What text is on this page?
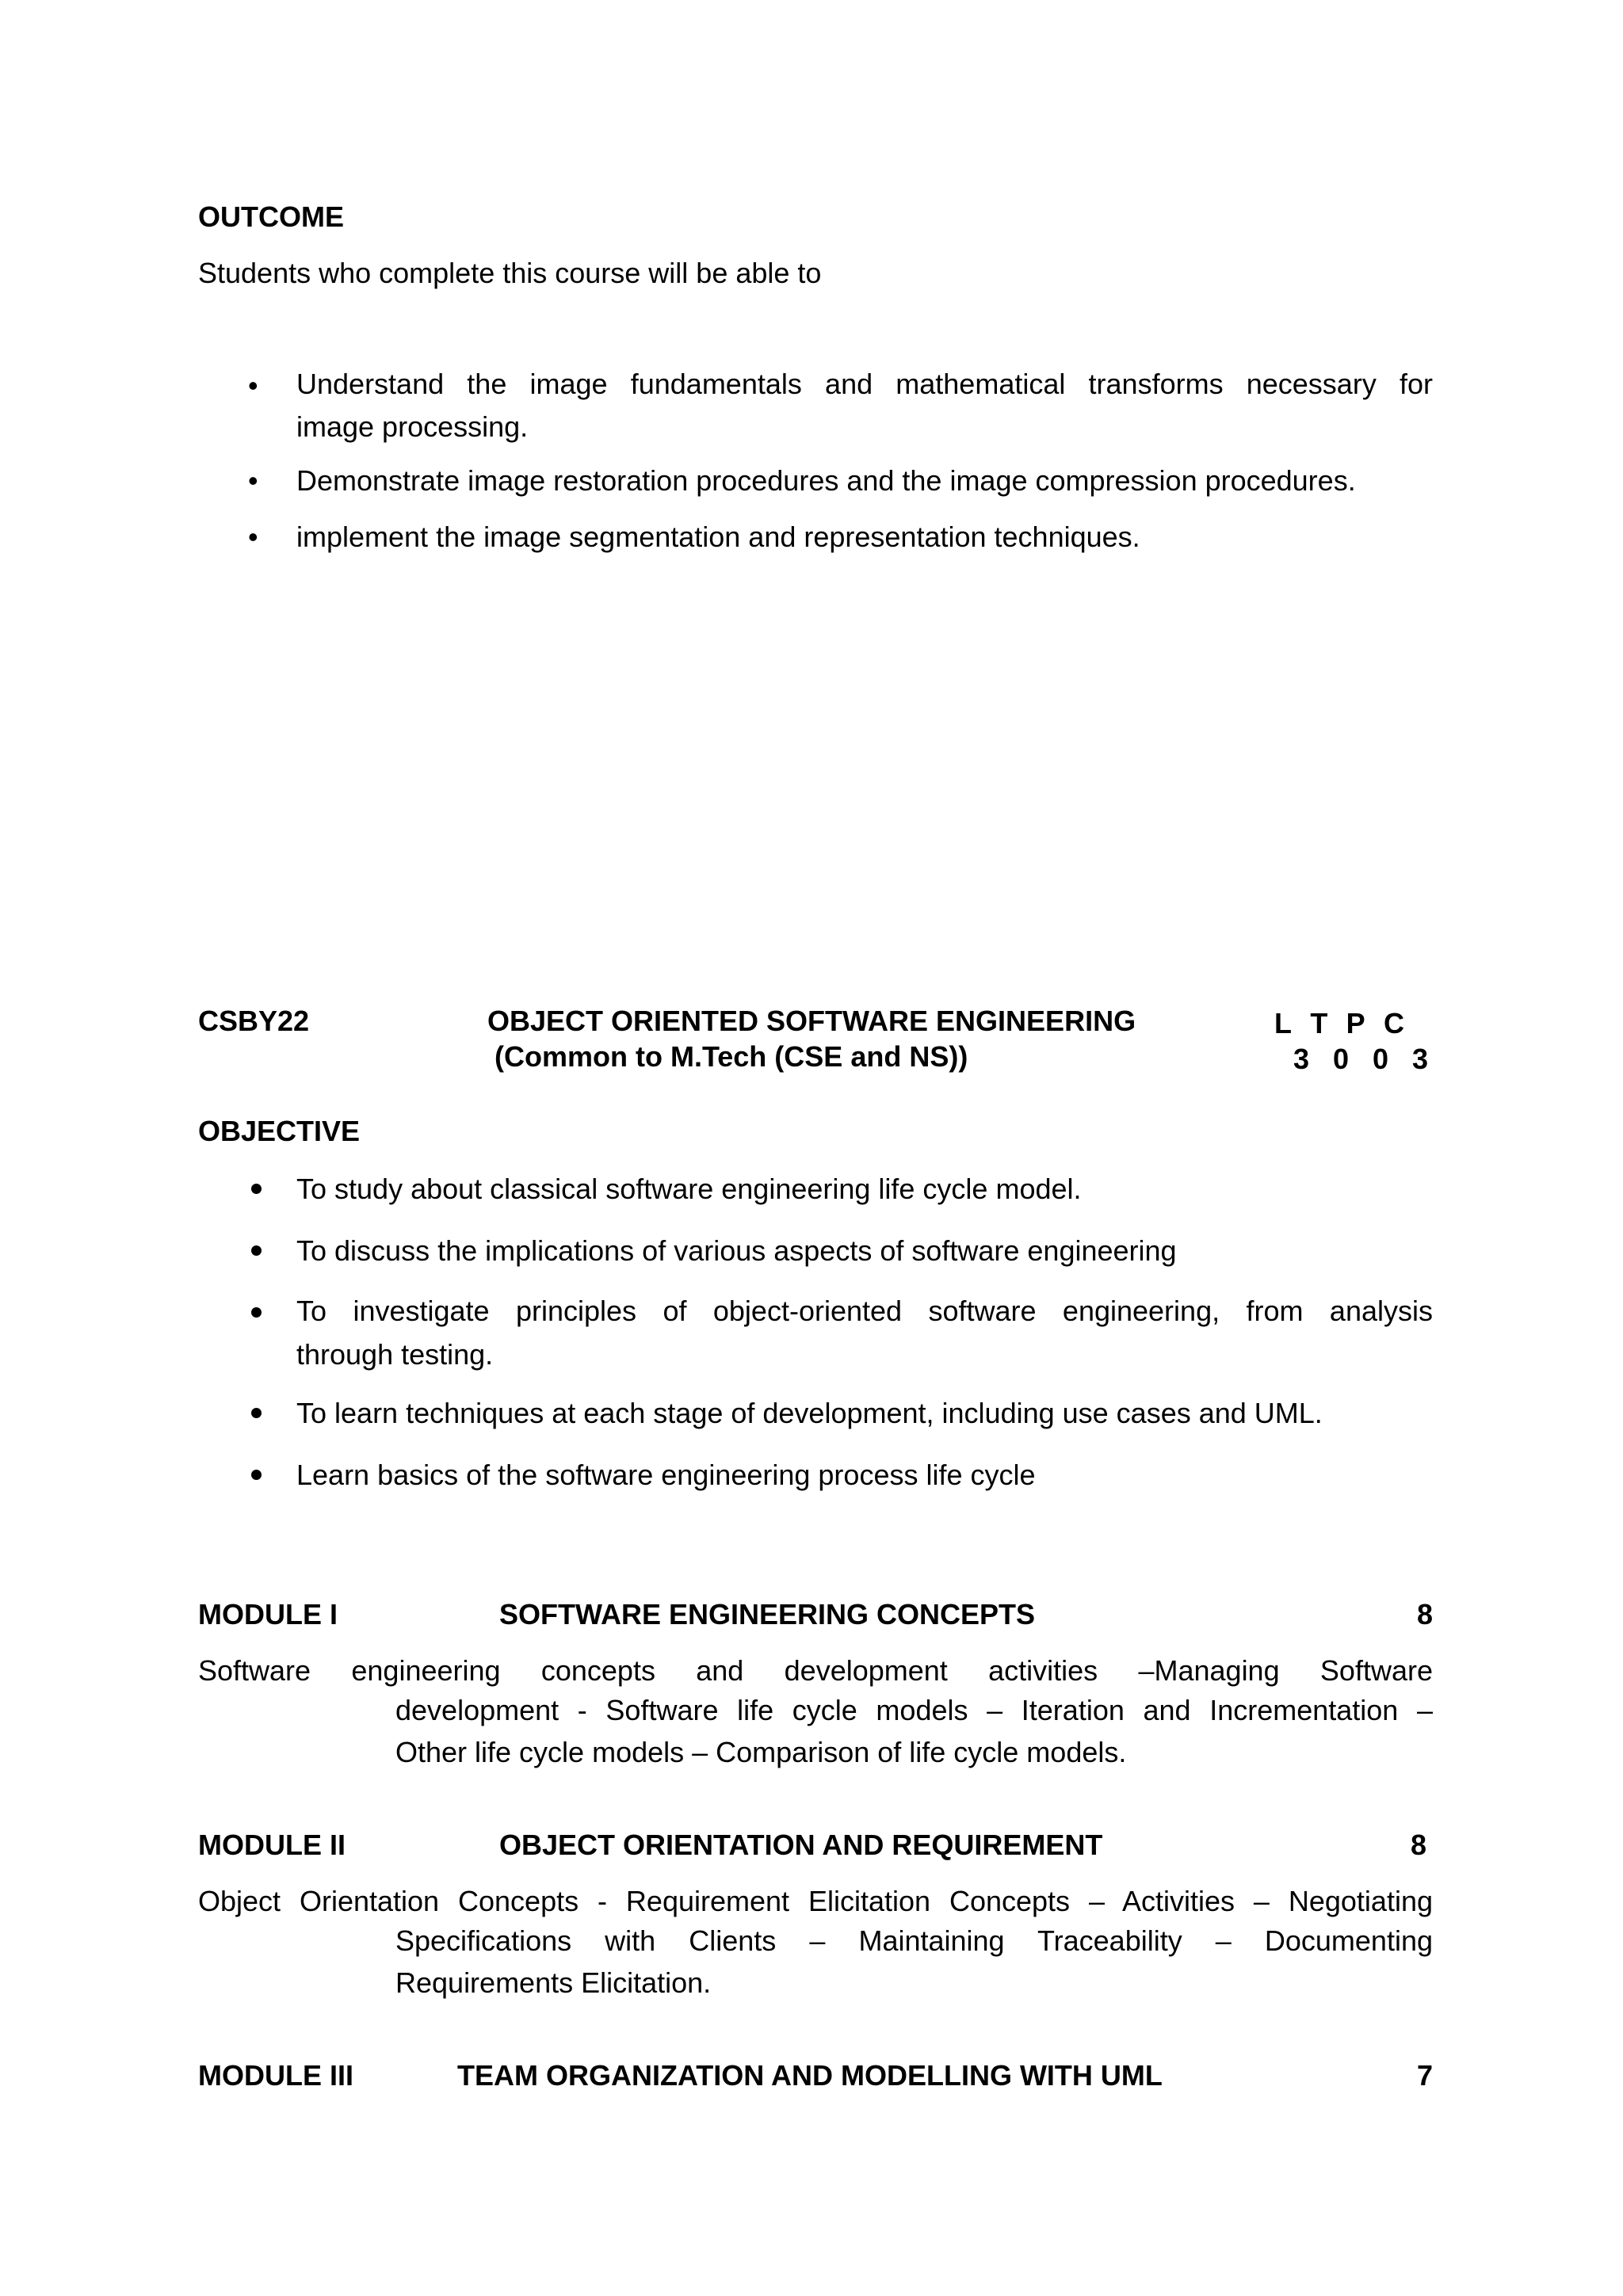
OUTCOME
Students who complete this course will be able to
• Understand the image fundamentals and mathematical transforms necessary for
image processing.
• Demonstrate image restoration procedures and the image compression procedures.
• implement the image segmentation and representation techniques.
CSBY22	OBJECT ORIENTED SOFTWARE ENGINEERING
(Common to M.Tech (CSE and NS))
L T P C
3 0 0 3
OBJECTIVE
To study about classical software engineering life cycle model.
To discuss the implications of various aspects of software engineering
To investigate principles of object-oriented software engineering, from analysis
through testing.
To learn techniques at each stage of development, including use cases and UML.
Learn basics of the software engineering process life cycle
MODULE I	SOFTWARE ENGINEERING CONCEPTS	8
Software engineering concepts and development activities –Managing Software
development - Software life cycle models – Iteration and Incrementation –
Other life cycle models – Comparison of life cycle models.
MODULE II	OBJECT ORIENTATION AND REQUIREMENT	8
Object Orientation Concepts - Requirement Elicitation Concepts – Activities – Negotiating
Specifications with Clients – Maintaining Traceability – Documenting
Requirements Elicitation.
MODULE III	TEAM ORGANIZATION AND MODELLING WITH UML	7
